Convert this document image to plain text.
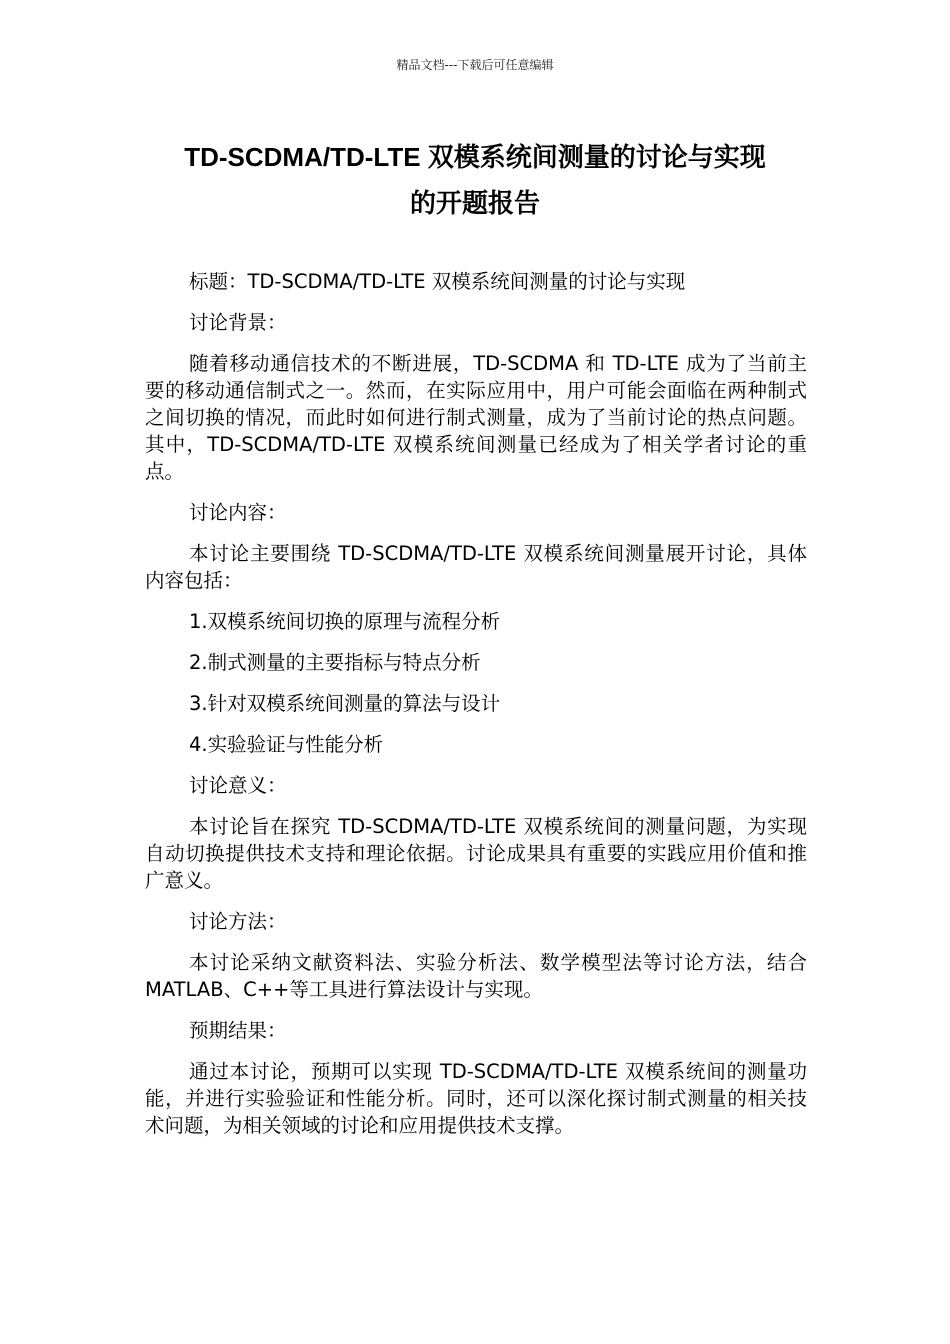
精品文档---下载后可任意编辑
TD-SCDMA/TD-LTE 双模系统间测量的讨论与实现
的开题报告

标题：TD-SCDMA/TD-LTE 双模系统间测量的讨论与实现

讨论背景：

随着移动通信技术的不断进展，TD-SCDMA 和 TD-LTE 成为了当前主要的移动通信制式之一。然而，在实际应用中，用户可能会面临在两种制式之间切换的情况，而此时如何进行制式测量，成为了当前讨论的热点问题。其中，TD-SCDMA/TD-LTE 双模系统间测量已经成为了相关学者讨论的重点。

讨论内容：

本讨论主要围绕 TD-SCDMA/TD-LTE 双模系统间测量展开讨论，具体内容包括：

1.双模系统间切换的原理与流程分析

2.制式测量的主要指标与特点分析

3.针对双模系统间测量的算法与设计

4.实验验证与性能分析

讨论意义：

本讨论旨在探究 TD-SCDMA/TD-LTE 双模系统间的测量问题，为实现自动切换提供技术支持和理论依据。讨论成果具有重要的实践应用价值和推广意义。

讨论方法：

本讨论采纳文献资料法、实验分析法、数学模型法等讨论方法，结合 MATLAB、C++等工具进行算法设计与实现。

预期结果：

通过本讨论，预期可以实现 TD-SCDMA/TD-LTE 双模系统间的测量功能，并进行实验验证和性能分析。同时，还可以深化探讨制式测量的相关技术问题，为相关领域的讨论和应用提供技术支撑。
